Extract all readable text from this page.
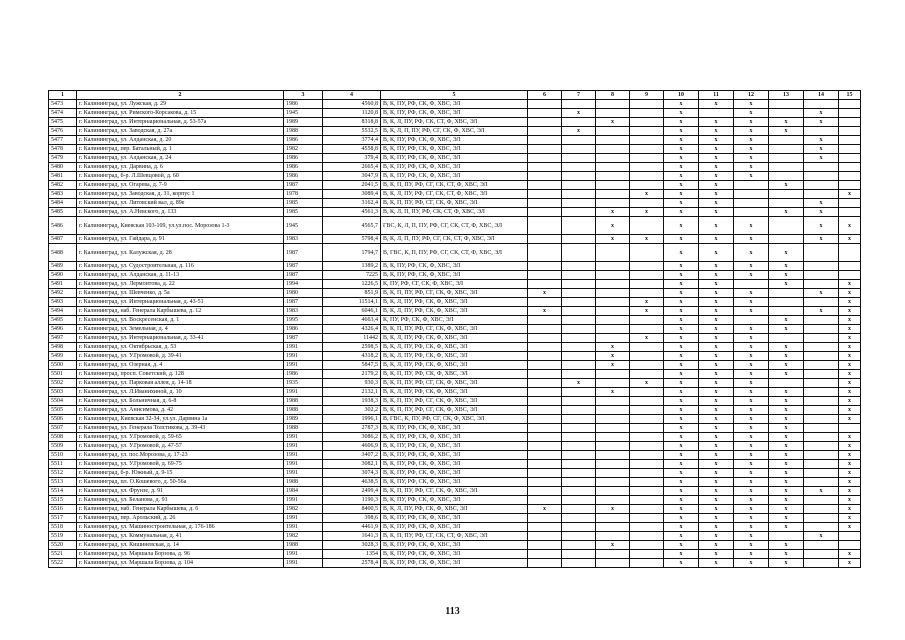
1	2	3	4	5	6	7	8	9	10	11	12	13	14	15
5473	г. Калининград, ул. Лужская, д. 29	1986	4560,8	В, К, ПУ, РФ, СК, Ф, ХВС, ЭЛ					x	x	x			
5474	г. Калининград, ул. Римского-Корсакова, д. 15	1945	1120,8	В, К, ПУ, РФ, СК, Ф, ХВС, ЭЛ		x			x		x		x	
5475	г. Калининград, ул. Интернациональная, д. 53-57а	1989	8318,8	В, К, Л, ПУ, РФ, СК, СТ, Ф, ХВС, ЭЛ			x		x	x	x	x	x	
5476	г. Калининград, ул. Заводская, д. 27а	1988	5532,5	В, К, Л, П, ПУ, РФ, СГ, СК, Ф, ХВС, ЭЛ		x			x	x	x	x		
5477	г. Калининград, ул. Алданская, д. 20	1986	3774,4	В, К, ПУ, РФ, СК, Ф, ХВС, ЭЛ					x	x	x		x	
5478	г. Калининград, пер. Батальный, д. 1	1982	4558,8	В, К, ПУ, РФ, СК, Ф, ХВС, ЭЛ					x	x	x		x	
5479	г. Калининград, ул. Алданская, д. 24	1986	379,4	В, К, ПУ, РФ, СК, Ф, ХВС, ЭЛ					x	x	x		x	
5480	г. Калининград, ул. Дарвина, д. 6	1986	2665,4	В, К, ПУ, РФ, СК, Ф, ХВС, ЭЛ					x	x	x			
5481	г. Калининград, б-р. Л.Шевцовой, д. 60	1986	3047,9	В, К, ПУ, РФ, СК, Ф, ХВС, ЭЛ					x	x	x			
5482	г. Калининград, ул. Огарева, д. 7-9	1987	2041,5	В, К, П, ПУ, РФ, СГ, СК, СТ, Ф, ХВС, ЭЛ					x	x		x		
5483	г. Калининград, ул. Заводская, д. 31, корпус 1	1978	3089,4	В, К, Л, ПУ, РФ, СГ, СК, СТ, Ф, ХВС, ЭЛ				x	x	x				x
5484	г. Калининград, ул. Литовский вал, д. 89е	1985	3162,4	В, К, П, ПУ, РФ, СГ, СК, Ф, ХВС, ЭЛ					x	x			x	
5485	г. Калининград, ул. А.Невского, д. 133	1985	4561,3	В, К, Л, П, ПУ, РФ, СК, СТ, Ф, ХВС, ЭЛ			x	x	x	x		x	x	
5486	г. Калининград, Киевская 103-109, ул.ул.пос. Морозова 1-3	1945	4565,7	ГВС, К, Л, П, ПУ, РФ, СГ, СК, СТ, Ф, ХВС, ЭЛ			x		x	x	x		x	x
5487	г. Калининград, ул. Гайдара, д. 91	1983	5798,4	В, К, Л, П, ПУ, РФ, СГ, СК, СТ, Ф, ХВС, ЭЛ			x	x	x	x	x		x	x
5488	г. Калининград, ул. Калужская, д. 28	1987	1794,7	В, ГВС, К, П, ПУ, РФ, СГ, СК, СТ, Ф, ХВС, ЭЛ					x	x	x	x		
5489	г. Калининград, ул. Судостроительная, д. 116	1987	1389,2	В, К, ПУ, РФ, СК, Ф, ХВС, ЭЛ					x	x	x	x		
5490	г. Калининград, ул. Алданская, д. 11-13	1987	7225	В, К, ПУ, РФ, СК, Ф, ХВС, ЭЛ					x	x	x	x		
5491	г. Калининград, ул. Лермонтова, д. 22	1994	1226,5	К, ПУ, РФ, СГ, СК, Ф, ХВС, ЭЛ					x	x		x		x
5492	г. Калининград, ул. Шевченко, д. 5а	1980	851,9	В, К, П, ПУ, РФ, СГ, СК, Ф, ХВС, ЭЛ	x				x	x	x		x	x
5493	г. Калининград, ул. Интернациональная, д. 43-51	1987	11514,1	В, К, Л, ПУ, РФ, СК, Ф, ХВС, ЭЛ				x	x	x	x			x
5494	г. Калининград, наб. Генерала Карбышева, д. 12	1983	6046,1	В, К, Л, ПУ, РФ, СК, Ф, ХВС, ЭЛ	x			x	x	x	x		x	x
5495	г. Калининград, ул. Воскресенская, д. 1	1995	4663,4	К, ПУ, РФ, СК, Ф, ХВС, ЭЛ					x	x		x		x
5496	г. Калининград, ул. Земельная, д. 4	1986	4326,4	В, К, П, ПУ, РФ, СГ, СК, Ф, ХВС, ЭЛ					x	x	x	x		x
5497	г. Калининград, ул. Интернациональная, д. 33-41	1987	11442	В, К, Л, ПУ, РФ, СК, Ф, ХВС, ЭЛ				x	x	x	x			x
5498	г. Калининград, ул. Октябрьская, д. 53	1991	2598,5	В, К, Л, ПУ, РФ, СК, Ф, ХВС, ЭЛ			x		x	x	x	x		x
5499	г. Калининград, ул. У.Громовой, д. 39-41	1991	4318,2	В, К, Л, ПУ, РФ, СК, Ф, ХВС, ЭЛ			x		x	x	x	x		x
5500	г. Калининград, ул. Озерная, д. 4	1991	5847,5	В, К, Л, ПУ, РФ, СК, Ф, ХВС, ЭЛ			x		x	x	x	x		x
5501	г. Калининград, просп. Советский, д. 128	1986	2179,2	В, К, П, ПУ, РФ, СК, Ф, ХВС, ЭЛ					x	x	x	x		x
5502	г. Калининград, ул. Парковая аллея, д. 14-18	1935	930,3	В, К, П, ПУ, РФ, СГ, СК, Ф, ХВС, ЭЛ		x		x	x	x	x			x
5503	г. Калининград, ул. Л.Иванихиной, д. 10	1991	2132,1	В, К, Л, ПУ, РФ, СК, Ф, ХВС, ЭЛ			x		x	x	x	x		x
5504	г. Калининград, ул. Больничная, д. 6-8	1988	1938,3	В, К, П, ПУ, РФ, СГ, СК, Ф, ХВС, ЭЛ					x	x	x	x		x
5505	г. Калининград, ул. Анисимова, д. 42	1988	302,2	В, К, П, ПУ, РФ, СГ, СК, Ф, ХВС, ЭЛ					x	x	x	x		x
5506	г. Калининград, Киевская 32-34, ул.ул. Дарвина 1а	1989	1996,1	В, ГВС, К, ПУ, РФ, СГ, СК, Ф, ХВС, ЭЛ					x	x	x	x		x
5507	г. Калининград, ул. Генерала Толстикова, д. 39-43	1988	2787,3	В, К, ПУ, РФ, СК, Ф, ХВС, ЭЛ					x	x	x	x		
5508	г. Калининград, ул. У.Громовой, д. 59-65	1991	3086,2	В, К, ПУ, РФ, СК, Ф, ХВС, ЭЛ					x	x	x	x		x
5509	г. Калининград, ул. У.Громовой, д. 47-57	1991	4606,9	В, К, ПУ, РФ, СК, Ф, ХВС, ЭЛ					x	x	x	x		x
5510	г. Калининград, ул. пос.Морозова, д. 17-23	1991	3407,2	В, К, ПУ, РФ, СК, Ф, ХВС, ЭЛ					x	x	x	x		x
5511	г. Калининград, ул. У.Громовой, д. 69-75	1991	3082,1	В, К, ПУ, РФ, СК, Ф, ХВС, ЭЛ					x	x	x	x		x
5512	г. Калининград, б-р. Южный, д. 9-15	1991	3074,3	В, К, ПУ, РФ, СК, Ф, ХВС, ЭЛ					x	x	x	x		x
5513	г. Калининград, пл. О.Кошевого, д. 50-56а	1988	4638,5	В, К, ПУ, РФ, СК, Ф, ХВС, ЭЛ					x	x	x	x		x
5514	г. Калининград, ул. Фрунзе, д. 91	1984	2499,4	В, К, П, ПУ, РФ, СГ, СК, Ф, ХВС, ЭЛ					x	x	x	x	x	x
5515	г. Калининград, ул. Беланова, д. 91	1991	1190,3	В, К, ПУ, РФ, СК, Ф, ХВС, ЭЛ					x	x	x	x		x
5516	г. Калининград, наб. Генерала Карбышева, д. 6	1982	8400,5	В, К, Л, ПУ, РФ, СК, Ф, ХВС, ЭЛ	x		x		x	x	x	x		x
5517	г. Калининград, пер. Арольский, д. 26	1991	398,6	В, К, ПУ, РФ, СК, Ф, ХВС, ЭЛ					x	x	x	x		x
5518	г. Калининград, ул. Машиностроительная, д. 176-186	1991	4461,9	В, К, ПУ, РФ, СК, Ф, ХВС, ЭЛ					x	x	x	x		x
5519	г. Калининград, ул. Коммунальная, д. 41	1982	1641,3	В, К, П, ПУ, РФ, СГ, СК, СТ, Ф, ХВС, ЭЛ					x	x	x		x	
5520	г. Калининград, ул. Кишиневская, д. 14	1988	3028,3	В, К, ПУ, РФ, СК, Ф, ХВС, ЭЛ			x		x	x	x	x		
5521	г. Калининград, ул. Маршала Борзова, д. 96	1991	1354	В, К, ПУ, РФ, СК, Ф, ХВС, ЭЛ					x	x	x	x		x
5522	г. Калининград, ул. Маршала Борзова, д. 104	1991	2578,4	В, К, ПУ, РФ, СК, Ф, ХВС, ЭЛ					x	x	x	x		x
113
